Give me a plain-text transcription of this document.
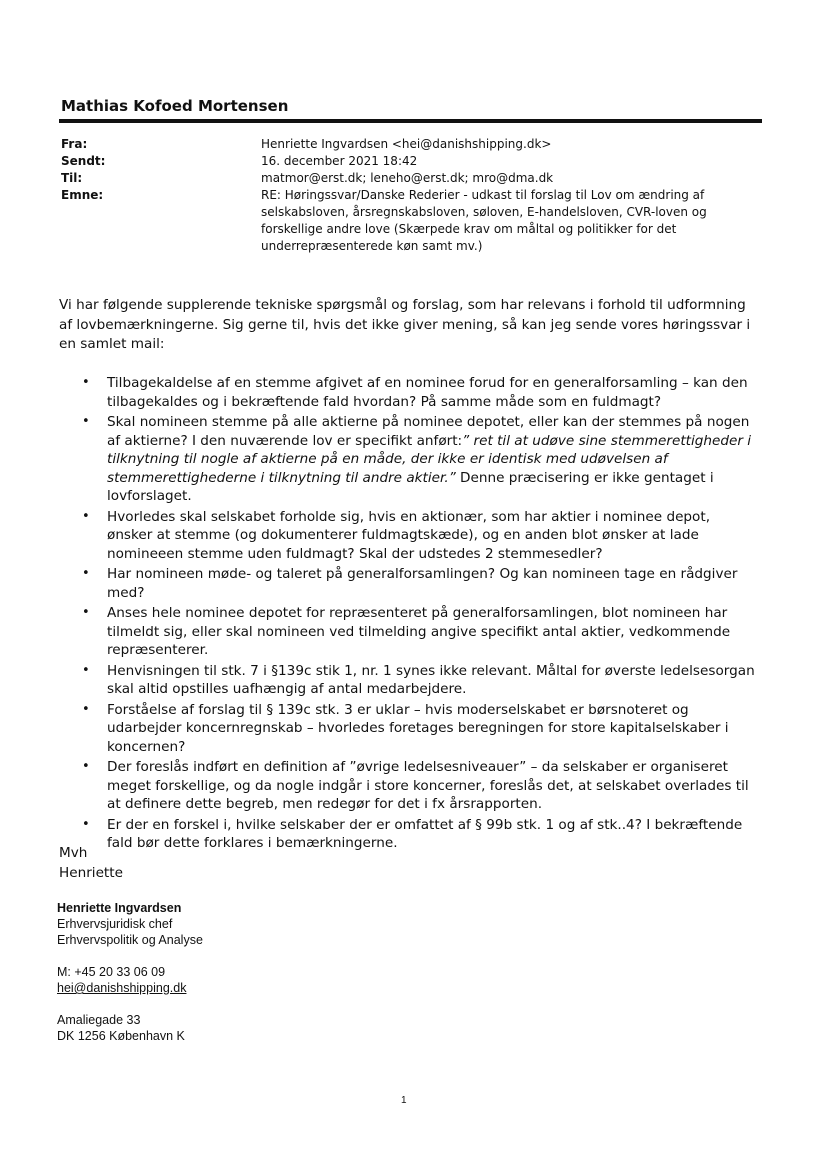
Mathias Kofoed Mortensen
Fra:	Henriette Ingvardsen <hei@danishshipping.dk>
Sendt:	16. december 2021 18:42
Til:	matmor@erst.dk; leneho@erst.dk; mro@dma.dk
Emne:	RE: Høringssvar/Danske Rederier - udkast til forslag til Lov om ændring af selskabsloven, årsregnskabsloven, søloven, E-handelsloven, CVR-loven og forskellige andre love (Skærpede krav om måltal og politikker for det underrepræsenterede køn samt mv.)
Vi har følgende supplerende tekniske spørgsmål og forslag, som har relevans i forhold til udformning af lovbemærkningerne. Sig gerne til, hvis det ikke giver mening, så kan jeg sende vores høringssvar i en samlet mail:
• Tilbagekaldelse af en stemme afgivet af en nominee forud for en generalforsamling – kan den tilbagekaldes og i bekræftende fald hvordan? På samme måde som en fuldmagt?
• Skal nomineen stemme på alle aktierne på nominee depotet, eller kan der stemmes på nogen af aktierne? I den nuværende lov er specifikt anført:” ret til at udøve sine stemmerettigheder i tilknytning til nogle af aktierne på en måde, der ikke er identisk med udøvelsen af stemmerettighederne i tilknytning til andre aktier.” Denne præcisering er ikke gentaget i lovforslaget.
• Hvorledes skal selskabet forholde sig, hvis en aktionær, som har aktier i nominee depot, ønsker at stemme (og dokumenterer fuldmagtskæde), og en anden blot ønsker at lade nomineeen stemme uden fuldmagt? Skal der udstedes 2 stemmesedler?
• Har nomineen møde- og taleret på generalforsamlingen? Og kan nomineen tage en rådgiver med?
• Anses hele nominee depotet for repræsenteret på generalforsamlingen, blot nomineen har tilmeldt sig, eller skal nomineen ved tilmelding angive specifikt antal aktier, vedkommende repræsenterer.
• Henvisningen til stk. 7 i §139c stik 1, nr. 1 synes ikke relevant. Måltal for øverste ledelsesorgan skal altid opstilles uafhængig af antal medarbejdere.
• Forståelse af forslag til § 139c stk. 3 er uklar – hvis moderselskabet er børsnoteret og udarbejder koncernregnskab – hvorledes foretages beregningen for store kapitalselskaber i koncernen?
• Der foreslås indført en definition af ”øvrige ledelsesniveauer” – da selskaber er organiseret meget forskellige, og da nogle indgår i store koncerner, foreslås det, at selskabet overlades til at definere dette begreb, men redegør for det i fx årsrapporten.
• Er der en forskel i, hvilke selskaber der er omfattet af § 99b stk. 1 og af stk..4? I bekræftende fald bør dette forklares i bemærkningerne.
Mvh
Henriette
Henriette Ingvardsen
Erhvervsjuridisk chef
Erhvervspolitik og Analyse
M: +45 20 33 06 09
hei@danishshipping.dk
Amaliegade 33
DK 1256 København K
1
